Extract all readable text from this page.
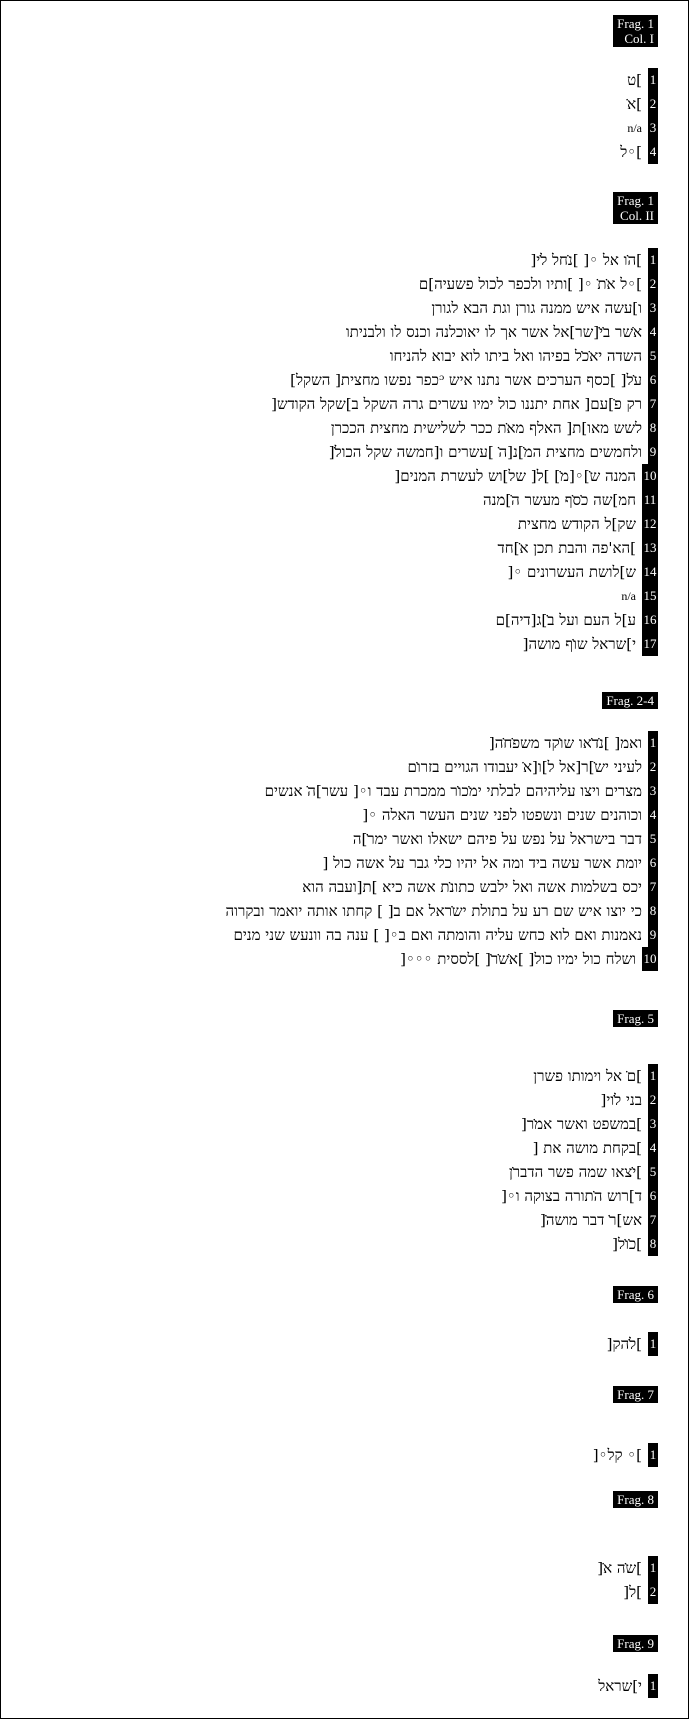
Frag. 1
Col. I
1
]ט
2
]א̇
3
n/a
4
]◦ל
Frag. 1
Col. II
1
]ה̇ו אל ◦[ ]נ̇חל ל̇י[
2
]◦ל א̇ת̇ ◦[ ]ותיו ולכפר לכול פשעיה]ם
3
ו]עשה איש ממנה גורן וגת הבא לגורן
4
א̇שר ב̇י̇[שר]אל אשר אך לו יאוכלנה וכנס לו ולבניתו
5
השדה יא̇כ̇ל בפיהו ואל ביתו לוא יבוא להניחו
6
ע̇ל[ ]כסף הערכים אשר נתנו איש ᵓכפר נפשו מחצית[ השקל]
7
רק פ̇]עם[ אחת יתננו כול ימיו עשרים גרה השקל ב]שקל הקודש[
8
לשש מאו]ת[ האלף מא̇ת ככר לשלישית מחצית הככרן
9
ולחמשים מחצית המ̇]נ[ה̇ ]עשרים ו[חמשה שקל הכול̇[
10
המנה ש̇]◦[מ̇] ]ל[ של]וש לעשרת המנים[
11
חמ]שה כ̇ס̇ף מעשר ה̇]מנה
12
שק]ל הקודש מחצית
13
]הא'פה והבת תכן א̇]חד
14
ש]לושת העשרונים ◦[
15
n/a
16
ע]ל העם ועל ב̇]ג[דיה]ם
17
י]שראל שו̇ף מושה[
Frag. 2-4
1
ואמ[ ]נ̇ד̇או שו̇קד משפ̇ח̇ה[
2
לעיני יש̇]ר[אל ל]ו[א̇ יעבודו הגויים בזרו̇ם
3
מצרים ויצו עליהיהם לבלתי ימ̇כו̇ר ממכרת עבד ו◦[ עשר]ה̇ אנשים
4
וכוהנים שנים ונשפטו לפני שנים העשר האלה ◦[
5
דבר בישראל על נפש על פיהם ישאלו ואשר ימר̇]ה
6
יומת אשר עשה ביד ומה אל יהיו כלי גבר על אשה כול [
7
יכס בשלמות אשה ואל ילבש כתונ̇ת אשה כיא ]ת[ועבה הוא
8
כי יוצו איש שם רע על בתולת יש̇ראל אם ב[ ] קחתו אותה יואמר ובקרוה
9
נאמנות ואם לוא כחש עליה והומתה ואם ב◦[ ] ענה בה וונעש שני מנים
10
ושלח כול ימיו כול[ ]א̇ש̇ר̇[ ]לססית ◦◦◦[
Frag. 5
1
]ם̇ אל וימותו פשרן
2
בני ל̇וי[
3
]במשפט ואשר אמ̇ר[
4
]בקחת מושה את [
5
]י̇צאו שמה פשר הדבר̇ן
6
ד]רוש ה̇תורה בצוקה ו◦[
7
אש]ר̇ דבר מושה̇[
8
]כ̇ו̇ל[
Frag. 6
1
]ל̇הק[
Frag. 7
1
]◦ קל◦[
Frag. 8
1
]ש̇ה א̇[
2
]ל[
Frag. 9
1
י]שראל
